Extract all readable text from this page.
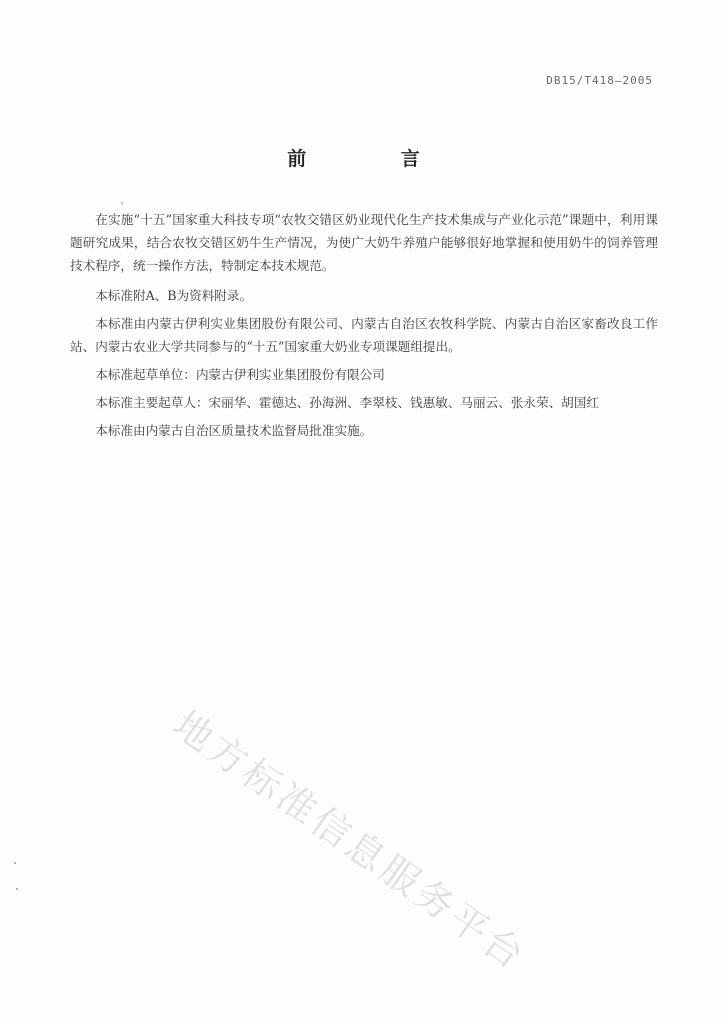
DB15/T418—2005
前 言
、

在实施“十五”国家重大科技专项“农牧交错区奶业现代化生产技术集成与产业化示范”课题中，利用课题研究成果，结合农牧交错区奶牛生产情况，为使广大奶牛养殖户能够很好地掌握和使用奶牛的饲养管理技术程序，统一操作方法，特制定本技术规范。

本标准附A、B为资料附录。

本标准由内蒙古伊利实业集团股份有限公司、内蒙古自治区农牧科学院、内蒙古自治区家畜改良工作站、内蒙古农业大学共同参与的“十五”国家重大奶业专项课题组提出。

本标准起草单位：内蒙古伊利实业集团股份有限公司

本标准主要起草人：宋丽华、霍德达、孙海洲、李翠枝、钱惠敏、马丽云、张永荣、胡国红

本标准由内蒙古自治区质量技术监督局批准实施。

地方标准信息服务平台
